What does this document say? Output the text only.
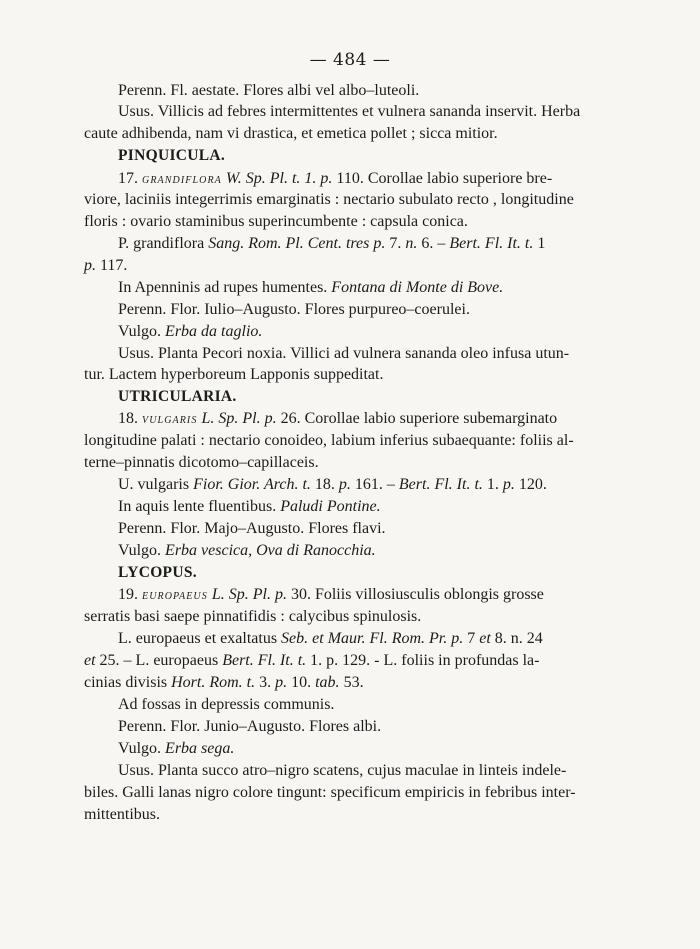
— 484 —
Perenn. Fl. aestate. Flores albi vel albo–luteoli.
Usus. Villicis ad febres intermittentes et vulnera sananda inservit. Herba
caute adhibenda, nam vi drastica, et emetica pollet ; sicca mitior.
PINQUICULA.
17. GRANDIFLORA W. Sp. Pl. t. 1. p. 110. Corollae labio superiore bre-
viore, laciniis integerrimis emarginatis : nectario subulato recto , longitudine
floris : ovario staminibus superincumbente : capsula conica.
P. grandiflora Sang. Rom. Pl. Cent. tres p. 7. n. 6. – Bert. Fl. It. t. 1
p. 117.
In Apenninis ad rupes humentes. Fontana di Monte di Bove.
Perenn. Flor. Iulio–Augusto. Flores purpureo–coerulei.
Vulgo. Erba da taglio.
Usus. Planta Pecori noxia. Villici ad vulnera sananda oleo infusa utun-
tur. Lactem hyperboreum Lapponis suppeditat.
UTRICULARIA.
18. VULGARIS L. Sp. Pl. p. 26. Corollae labio superiore subemarginato
longitudine palati : nectario conoideo, labium inferius subaequante: foliis al-
terne–pinnatis dicotomo–capillaceis.
U. vulgaris Fior. Gior. Arch. t. 18. p. 161. – Bert. Fl. It. t. 1. p. 120.
In aquis lente fluentibus. Paludi Pontine.
Perenn. Flor. Majo–Augusto. Flores flavi.
Vulgo. Erba vescica, Ova di Ranocchia.
LYCOPUS.
19. EUROPAEUS L. Sp. Pl. p. 30. Foliis villosiusculis oblongis grosse
serratis basi saepe pinnatifidis : calycibus spinulosis.
L. europaeus et exaltatus Seb. et Maur. Fl. Rom. Pr. p. 7 et 8. n. 24
et 25. – L. europaeus Bert. Fl. It. t. 1. p. 129. - L. foliis in profundas la-
cinias divisis Hort. Rom. t. 3. p. 10. tab. 53.
Ad fossas in depressis communis.
Perenn. Flor. Junio–Augusto. Flores albi.
Vulgo. Erba sega.
Usus. Planta succo atro–nigro scatens, cujus maculae in linteis indele-
biles. Galli lanas nigro colore tingunt: specificum empiricis in febribus inter-
mittentibus.
